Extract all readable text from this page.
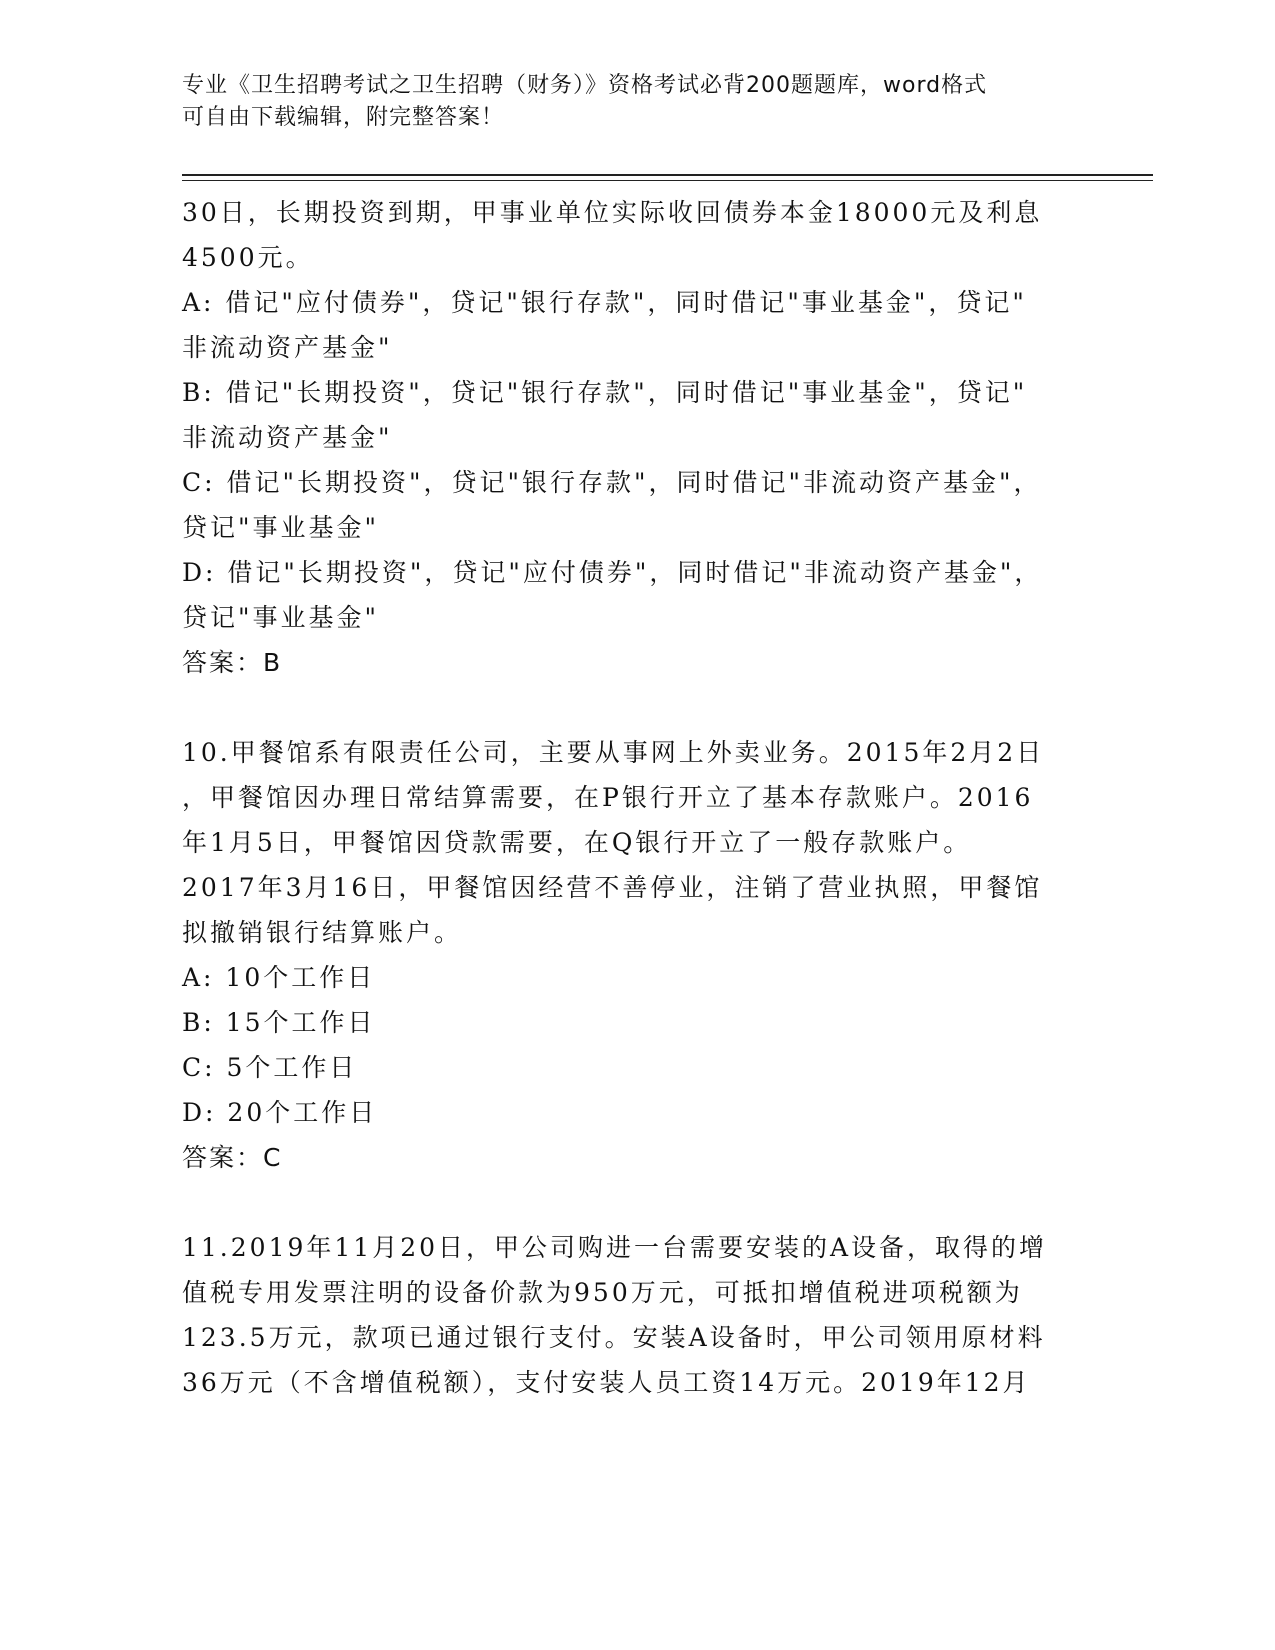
专业《卫生招聘考试之卫生招聘（财务）》资格考试必背200题题库，word格式
可自由下载编辑，附完整答案！
30日，长期投资到期，甲事业单位实际收回债券本金18000元及利息
4500元。
A: 借记"应付债券"，贷记"银行存款"，同时借记"事业基金"，贷记"
非流动资产基金"
B: 借记"长期投资"，贷记"银行存款"，同时借记"事业基金"，贷记"
非流动资产基金"
C: 借记"长期投资"，贷记"银行存款"，同时借记"非流动资产基金"，
贷记"事业基金"
D: 借记"长期投资"，贷记"应付债券"，同时借记"非流动资产基金"，
贷记"事业基金"
答案：B
10.甲餐馆系有限责任公司，主要从事网上外卖业务。2015年2月2日
，甲餐馆因办理日常结算需要，在P银行开立了基本存款账户。2016
年1月5日，甲餐馆因贷款需要，在Q银行开立了一般存款账户。
2017年3月16日，甲餐馆因经营不善停业，注销了营业执照，甲餐馆
拟撤销银行结算账户。
A: 10个工作日
B: 15个工作日
C: 5个工作日
D: 20个工作日
答案：C
11.2019年11月20日，甲公司购进一台需要安装的A设备，取得的增
值税专用发票注明的设备价款为950万元，可抵扣增值税进项税额为
123.5万元，款项已通过银行支付。安装A设备时，甲公司领用原材料
36万元（不含增值税额），支付安装人员工资14万元。2019年12月
